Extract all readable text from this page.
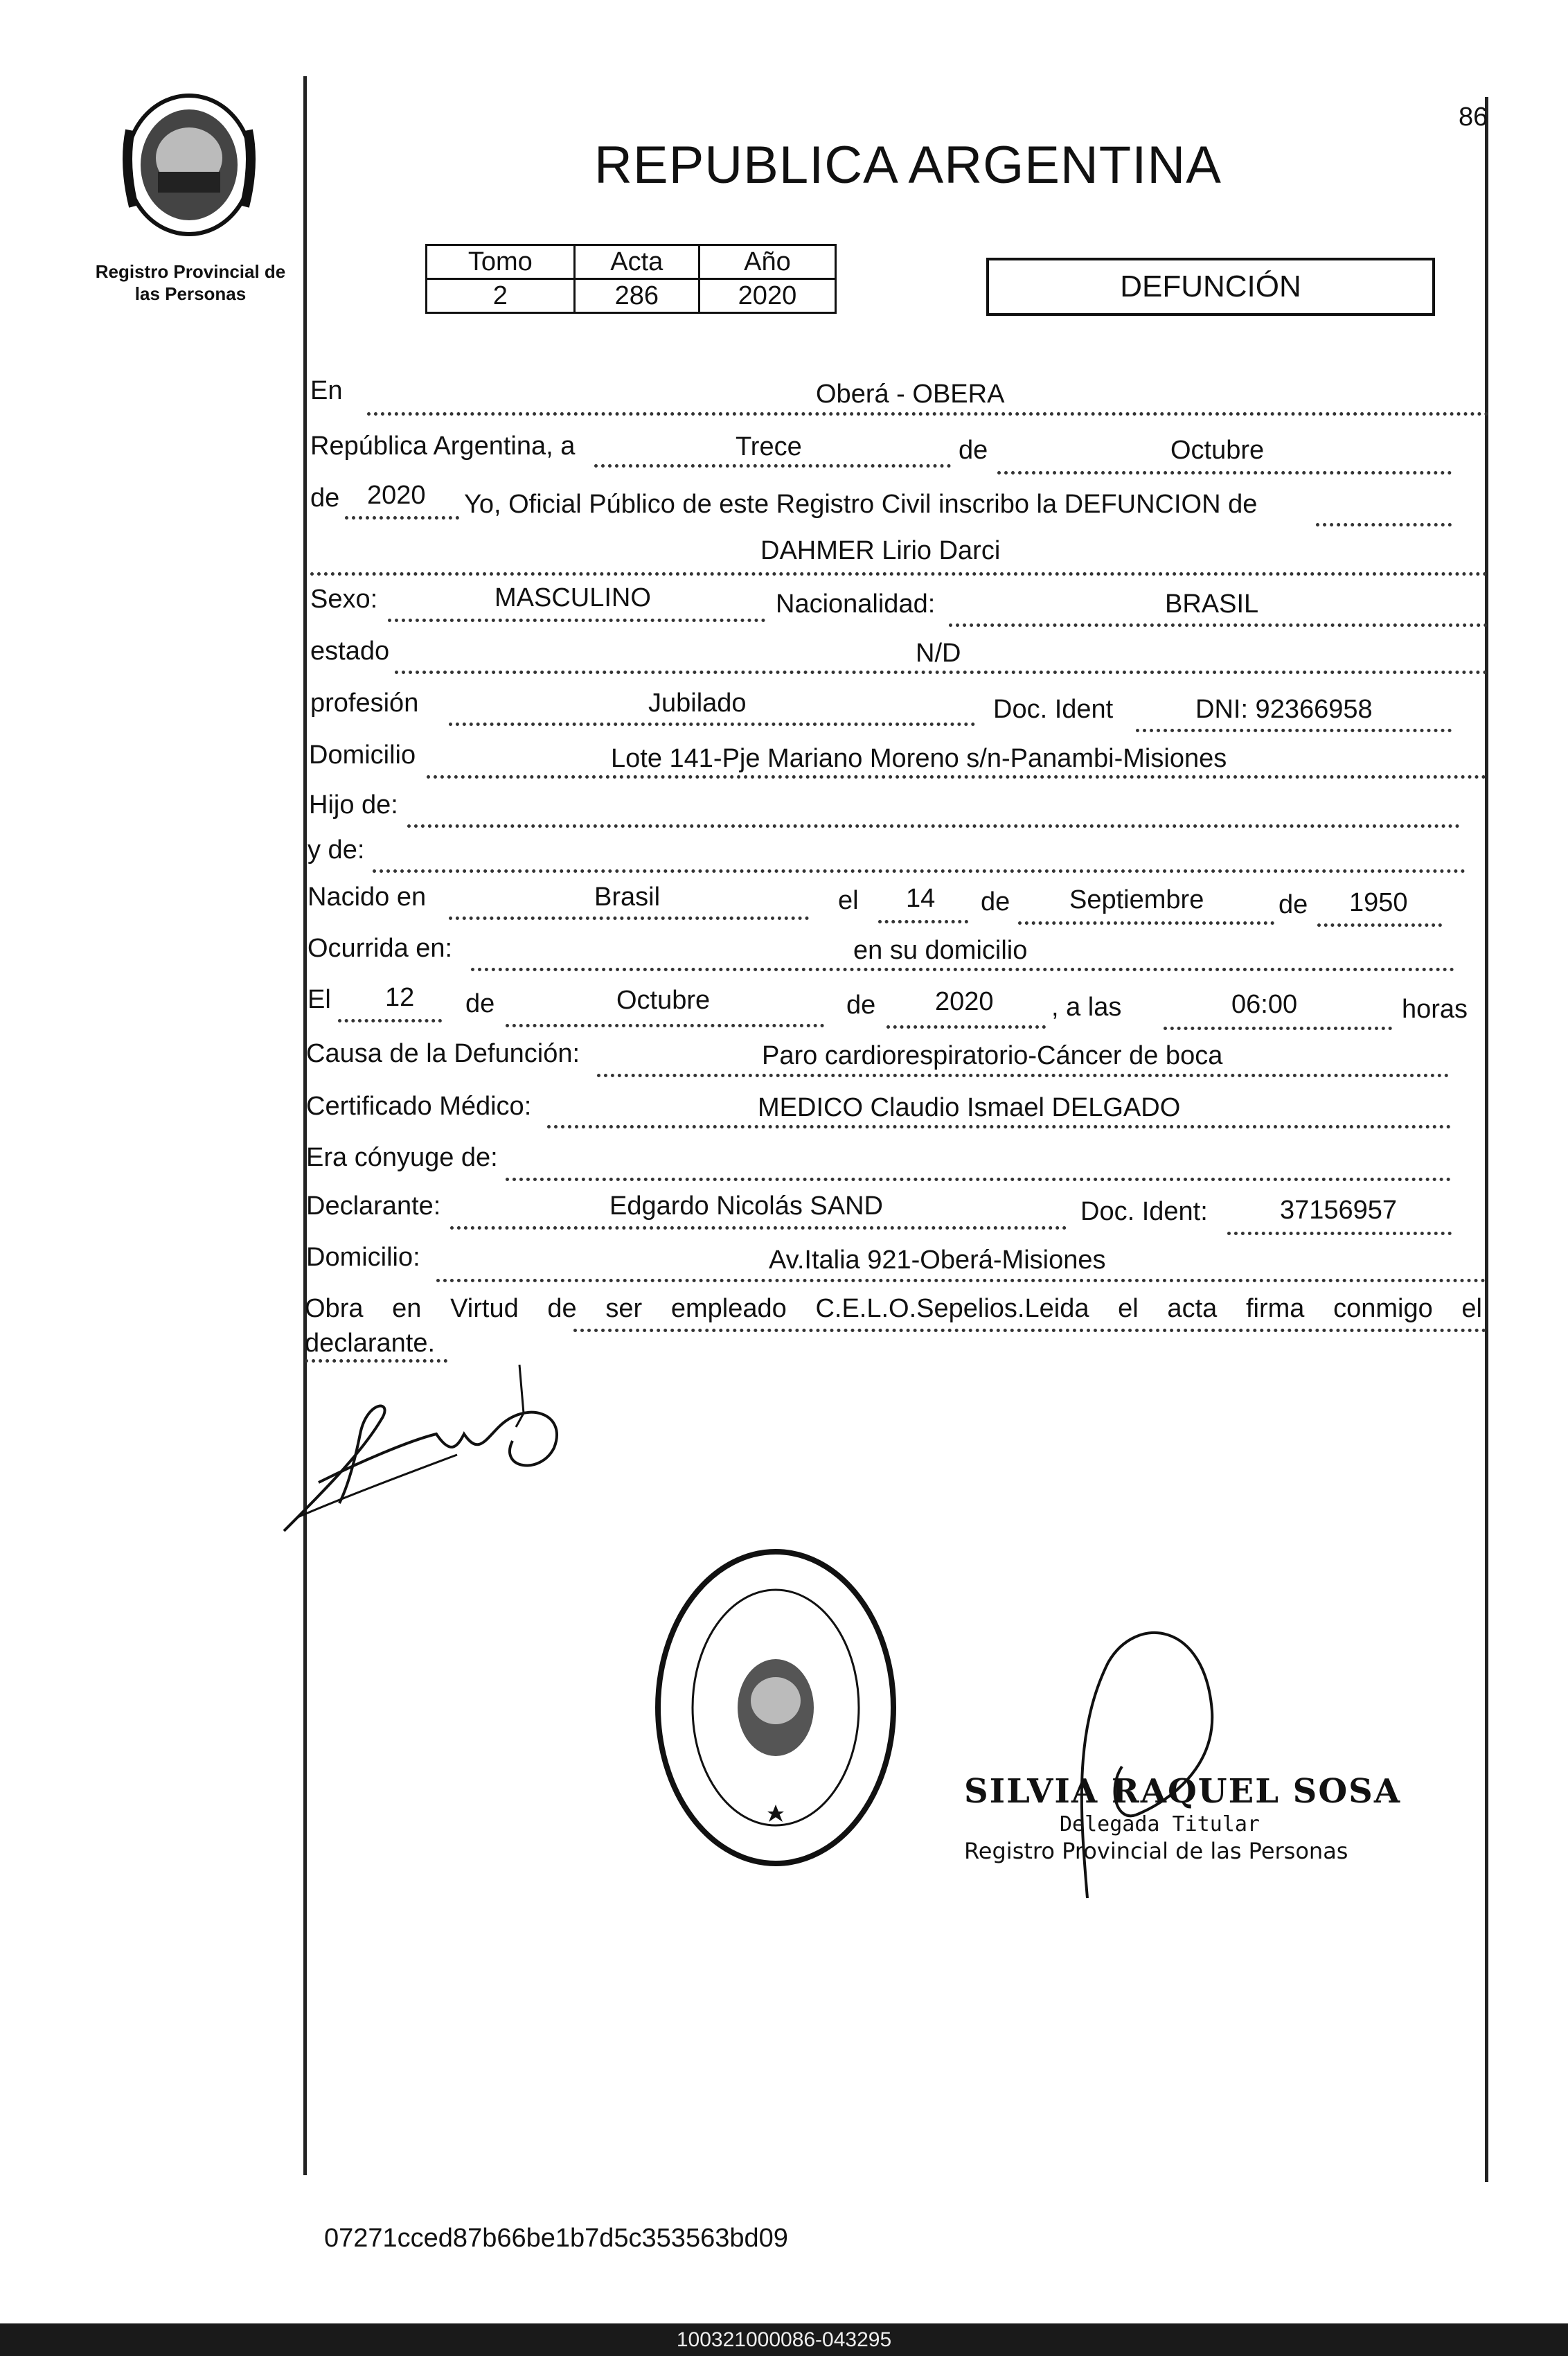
86
Registro Provincial de
las Personas
REPUBLICA ARGENTINA
Tomo	Acta	Año
2	286	2020	DEFUNCIÓN
En	Oberá - OBERA
República Argentina, a	Trece	de	Octubre
de 2020 Yo, Oficial Público de este Registro Civil inscribo la DEFUNCION de
DAHMER Lirio Darci
Sexo:	MASCULINO	Nacionalidad:	BRASIL
estado	N/D
profesión	Jubilado	Doc. Ident	DNI: 92366958
Domicilio	Lote 141-Pje Mariano Moreno s/n-Panambi-Misiones
Hijo de:
y de:
Nacido en	Brasil	el 14 de Septiembre	de 1950
Ocurrida en:	en su domicilio
El 12 de	Octubre	de 2020 , a las	06:00	horas
Causa de la Defunción:	Paro cardiorespiratorio-Cáncer de boca
Certificado Médico:	MEDICO Claudio Ismael DELGADO
Era cónyuge de:
Declarante:	Edgardo Nicolás SAND	Doc. Ident:	37156957
Domicilio:	Av.Italia 921-Oberá-Misiones
Obra en Virtud de ser empleado C.E.L.O.Sepelios.Leida el acta firma conmigo el
declarante.
SILVIA RAQUEL SOSA
Delegada Titular
Registro Provincial de las Personas
07271cced87b66be1b7d5c353563bd09
100321000086-043295
